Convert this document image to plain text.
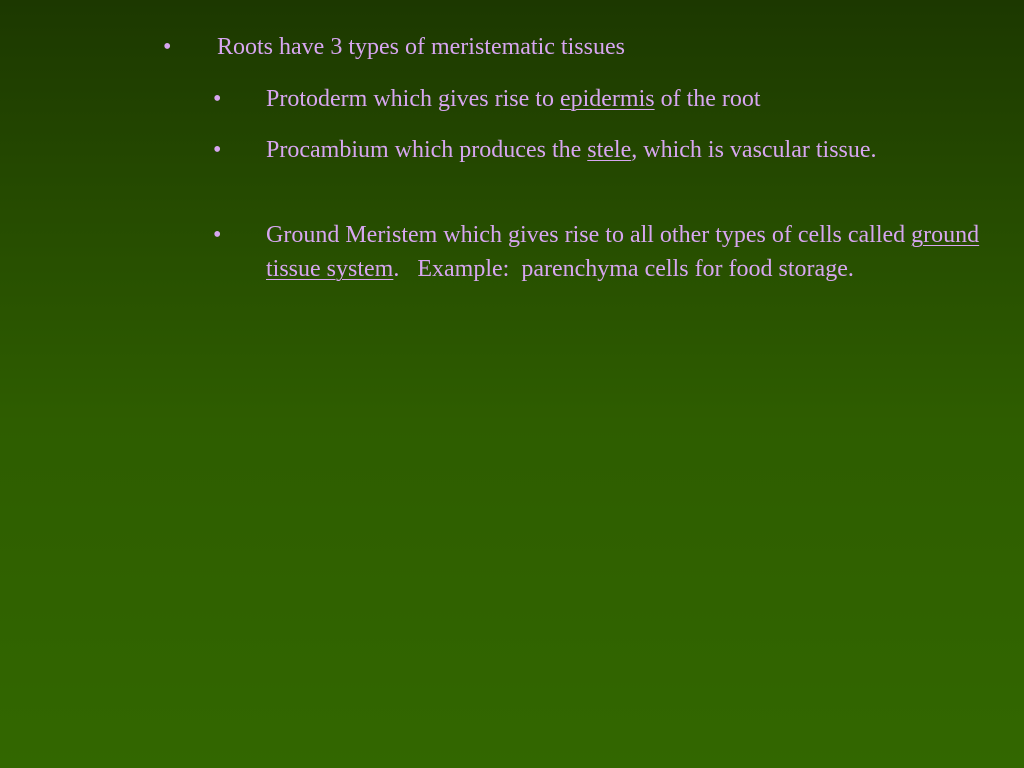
• Roots have 3 types of meristematic tissues

• Protoderm which gives rise to epidermis of the root

• Procambium which produces the stele, which is vascular tissue.

• Ground Meristem which gives rise to all other types of cells called ground tissue system.   Example:  parenchyma cells for food storage.
